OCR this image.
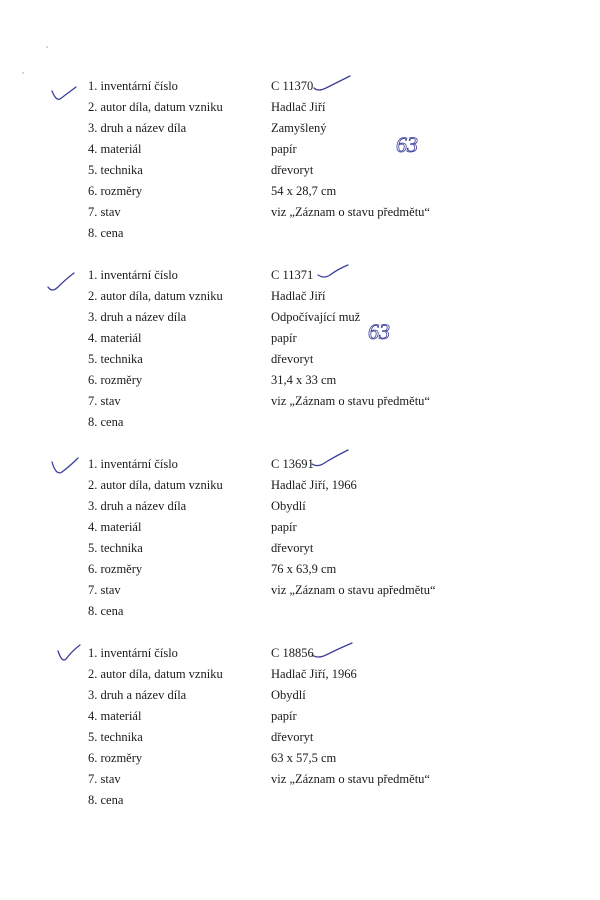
63
1. inventární číslo	C 11370
2. autor díla, datum vzniku	Hadlač Jiří
3. druh a název díla	Zamyšlený
4. materiál	papír
5. technika	dřevoryt
6. rozměry	54 x 28,7 cm
7. stav	viz „Záznam o stavu předmětu“
8. cena
63
1. inventární číslo	C 11371
2. autor díla, datum vzniku	Hadlač Jiří
3. druh a název díla	Odpočívající muž
4. materiál	papír
5. technika	dřevoryt
6. rozměry	31,4 x 33 cm
7. stav	viz „Záznam o stavu předmětu“
8. cena
1. inventární číslo	C 13691
2. autor díla, datum vzniku	Hadlač Jiří, 1966
3. druh a název díla	Obydlí
4. materiál	papír
5. technika	dřevoryt
6. rozměry	76 x 63,9 cm
7. stav	viz „Záznam o stavu apředmětu“
8. cena
1. inventární číslo	C 18856
2. autor díla, datum vzniku	Hadlač Jiří, 1966
3. druh a název díla	Obydlí
4. materiál	papír
5. technika	dřevoryt
6. rozměry	63 x 57,5 cm
7. stav	viz „Záznam o stavu předmětu“
8. cena
